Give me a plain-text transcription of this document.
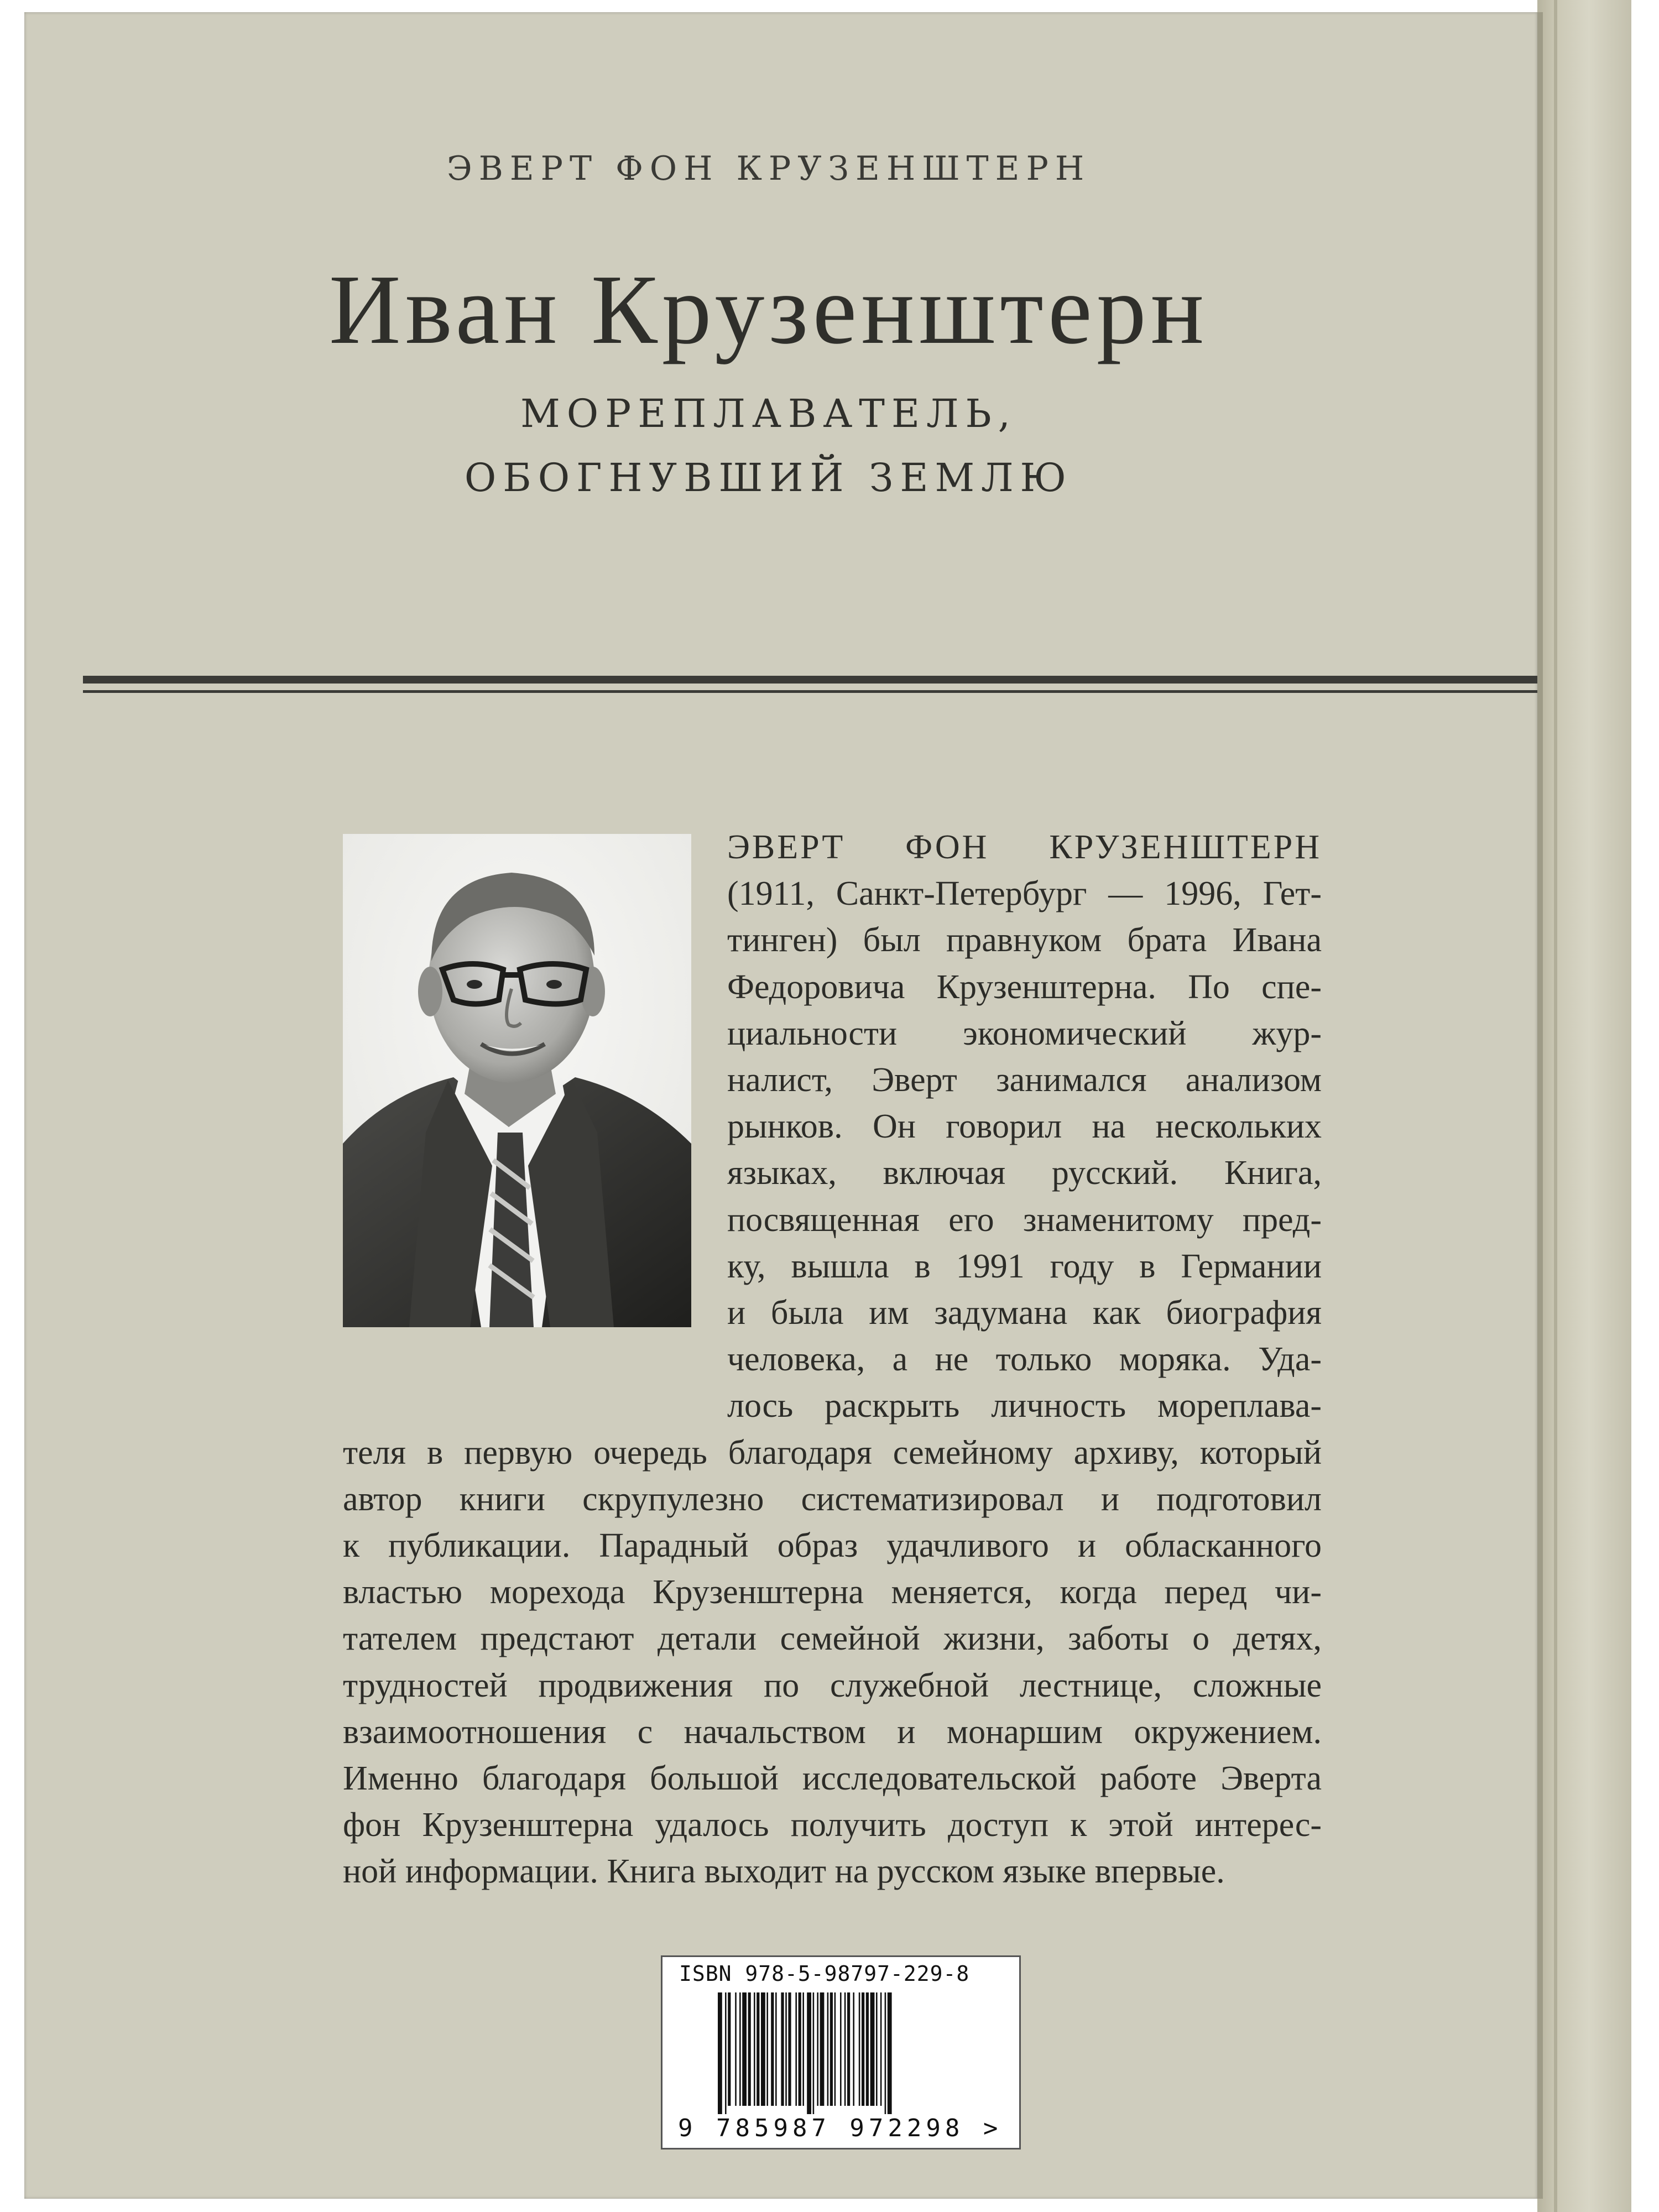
ЭВЕРТ ФОН КРУЗЕНШТЕРН
Иван Крузенштерн
МОРЕПЛАВАТЕЛЬ,
ОБОГНУВШИЙ ЗЕМЛЮ
ЭВЕРТ ФОН КРУЗЕНШТЕРН
(1911, Санкт-Петербург — 1996, Гет-
тинген) был правнуком брата Ивана
Федоровича Крузенштерна. По спе-
циальности экономический жур-
налист, Эверт занимался анализом
рынков. Он говорил на нескольких
языках, включая русский. Книга,
посвященная его знаменитому пред-
ку, вышла в 1991 году в Германии
и была им задумана как биография
человека, а не только моряка. Уда-
лось раскрыть личность мореплава-
теля в первую очередь благодаря семейному архиву, который
автор книги скрупулезно систематизировал и подготовил
к публикации. Парадный образ удачливого и обласканного
властью морехода Крузенштерна меняется, когда перед чи-
тателем предстают детали семейной жизни, заботы о детях,
трудностей продвижения по служебной лестнице, сложные
взаимоотношения с начальством и монаршим окружением.
Именно благодаря большой исследовательской работе Эверта
фон Крузенштерна удалось получить доступ к этой интерес-
ной информации. Книга выходит на русском языке впервые.
ISBN 978-5-98797-229-8
9 785987 972298 >
